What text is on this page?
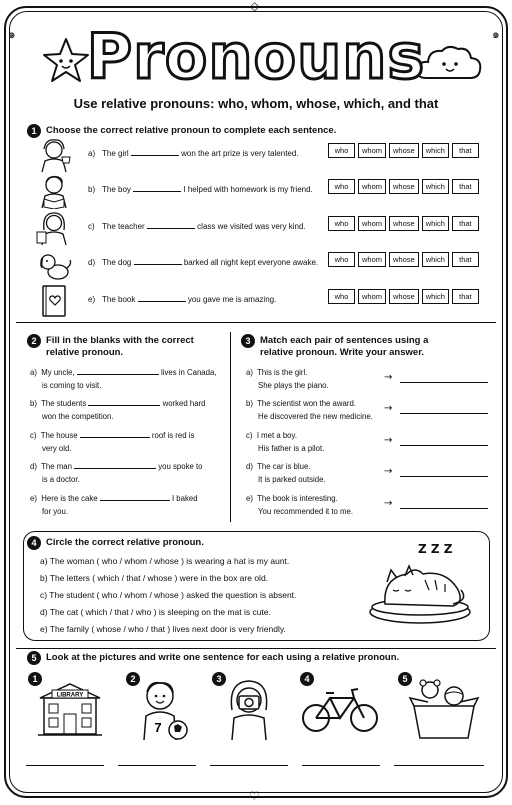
◇
♡
๑	๑
Pronouns
Use relative pronouns: who, whom, whose, which, and that
1	Choose the correct relative pronoun to complete each sentence.
a) The girl	won the art prize is very talented.	who	whom	whose	which	that
b) The boy	I helped with homework is my friend.	who	whom	whose	which	that
c) The teacher	class we visited was very kind.	who	whom	whose	which	that
d) The dog	barked all night kept everyone awake.	who	whom	whose	which	that
e) The book	you gave me is amazing.	who	whom	whose	which	that
2	Fill in the blanks with the correct
relative pronoun.
a) My uncle,	lives in Canada,
is coming to visit.
b) The students	worked hard
won the competition.
c) The house	roof is red is
very old.
d) The man	you spoke to
is a doctor.
e) Here is the cake	I baked
for you.
3	Match each pair of sentences using a
relative pronoun. Write your answer.
a) This is the girl.
She plays the piano.
→
b) The scientist won the award.
He discovered the new medicine.
→
c) I met a boy.
His father is a pilot.
→
d) The car is blue.
It is parked outside.
→
e) The book is interesting.
You recommended it to me.
→
4	Circle the correct relative pronoun.
a) The woman ( who / whom / whose ) is wearing a hat is my aunt.
b) The letters ( which / that / whose ) were in the box are old.
c) The student ( who / whom / whose ) asked the question is absent.
d) The cat ( which / that / who ) is sleeping on the mat is cute.
e) The family ( whose / who / that ) lives next door is very friendly.
Z Z Z
5	Look at the pictures and write one sentence for each using a relative pronoun.
1
LIBRARY
2
7
3	4	5
